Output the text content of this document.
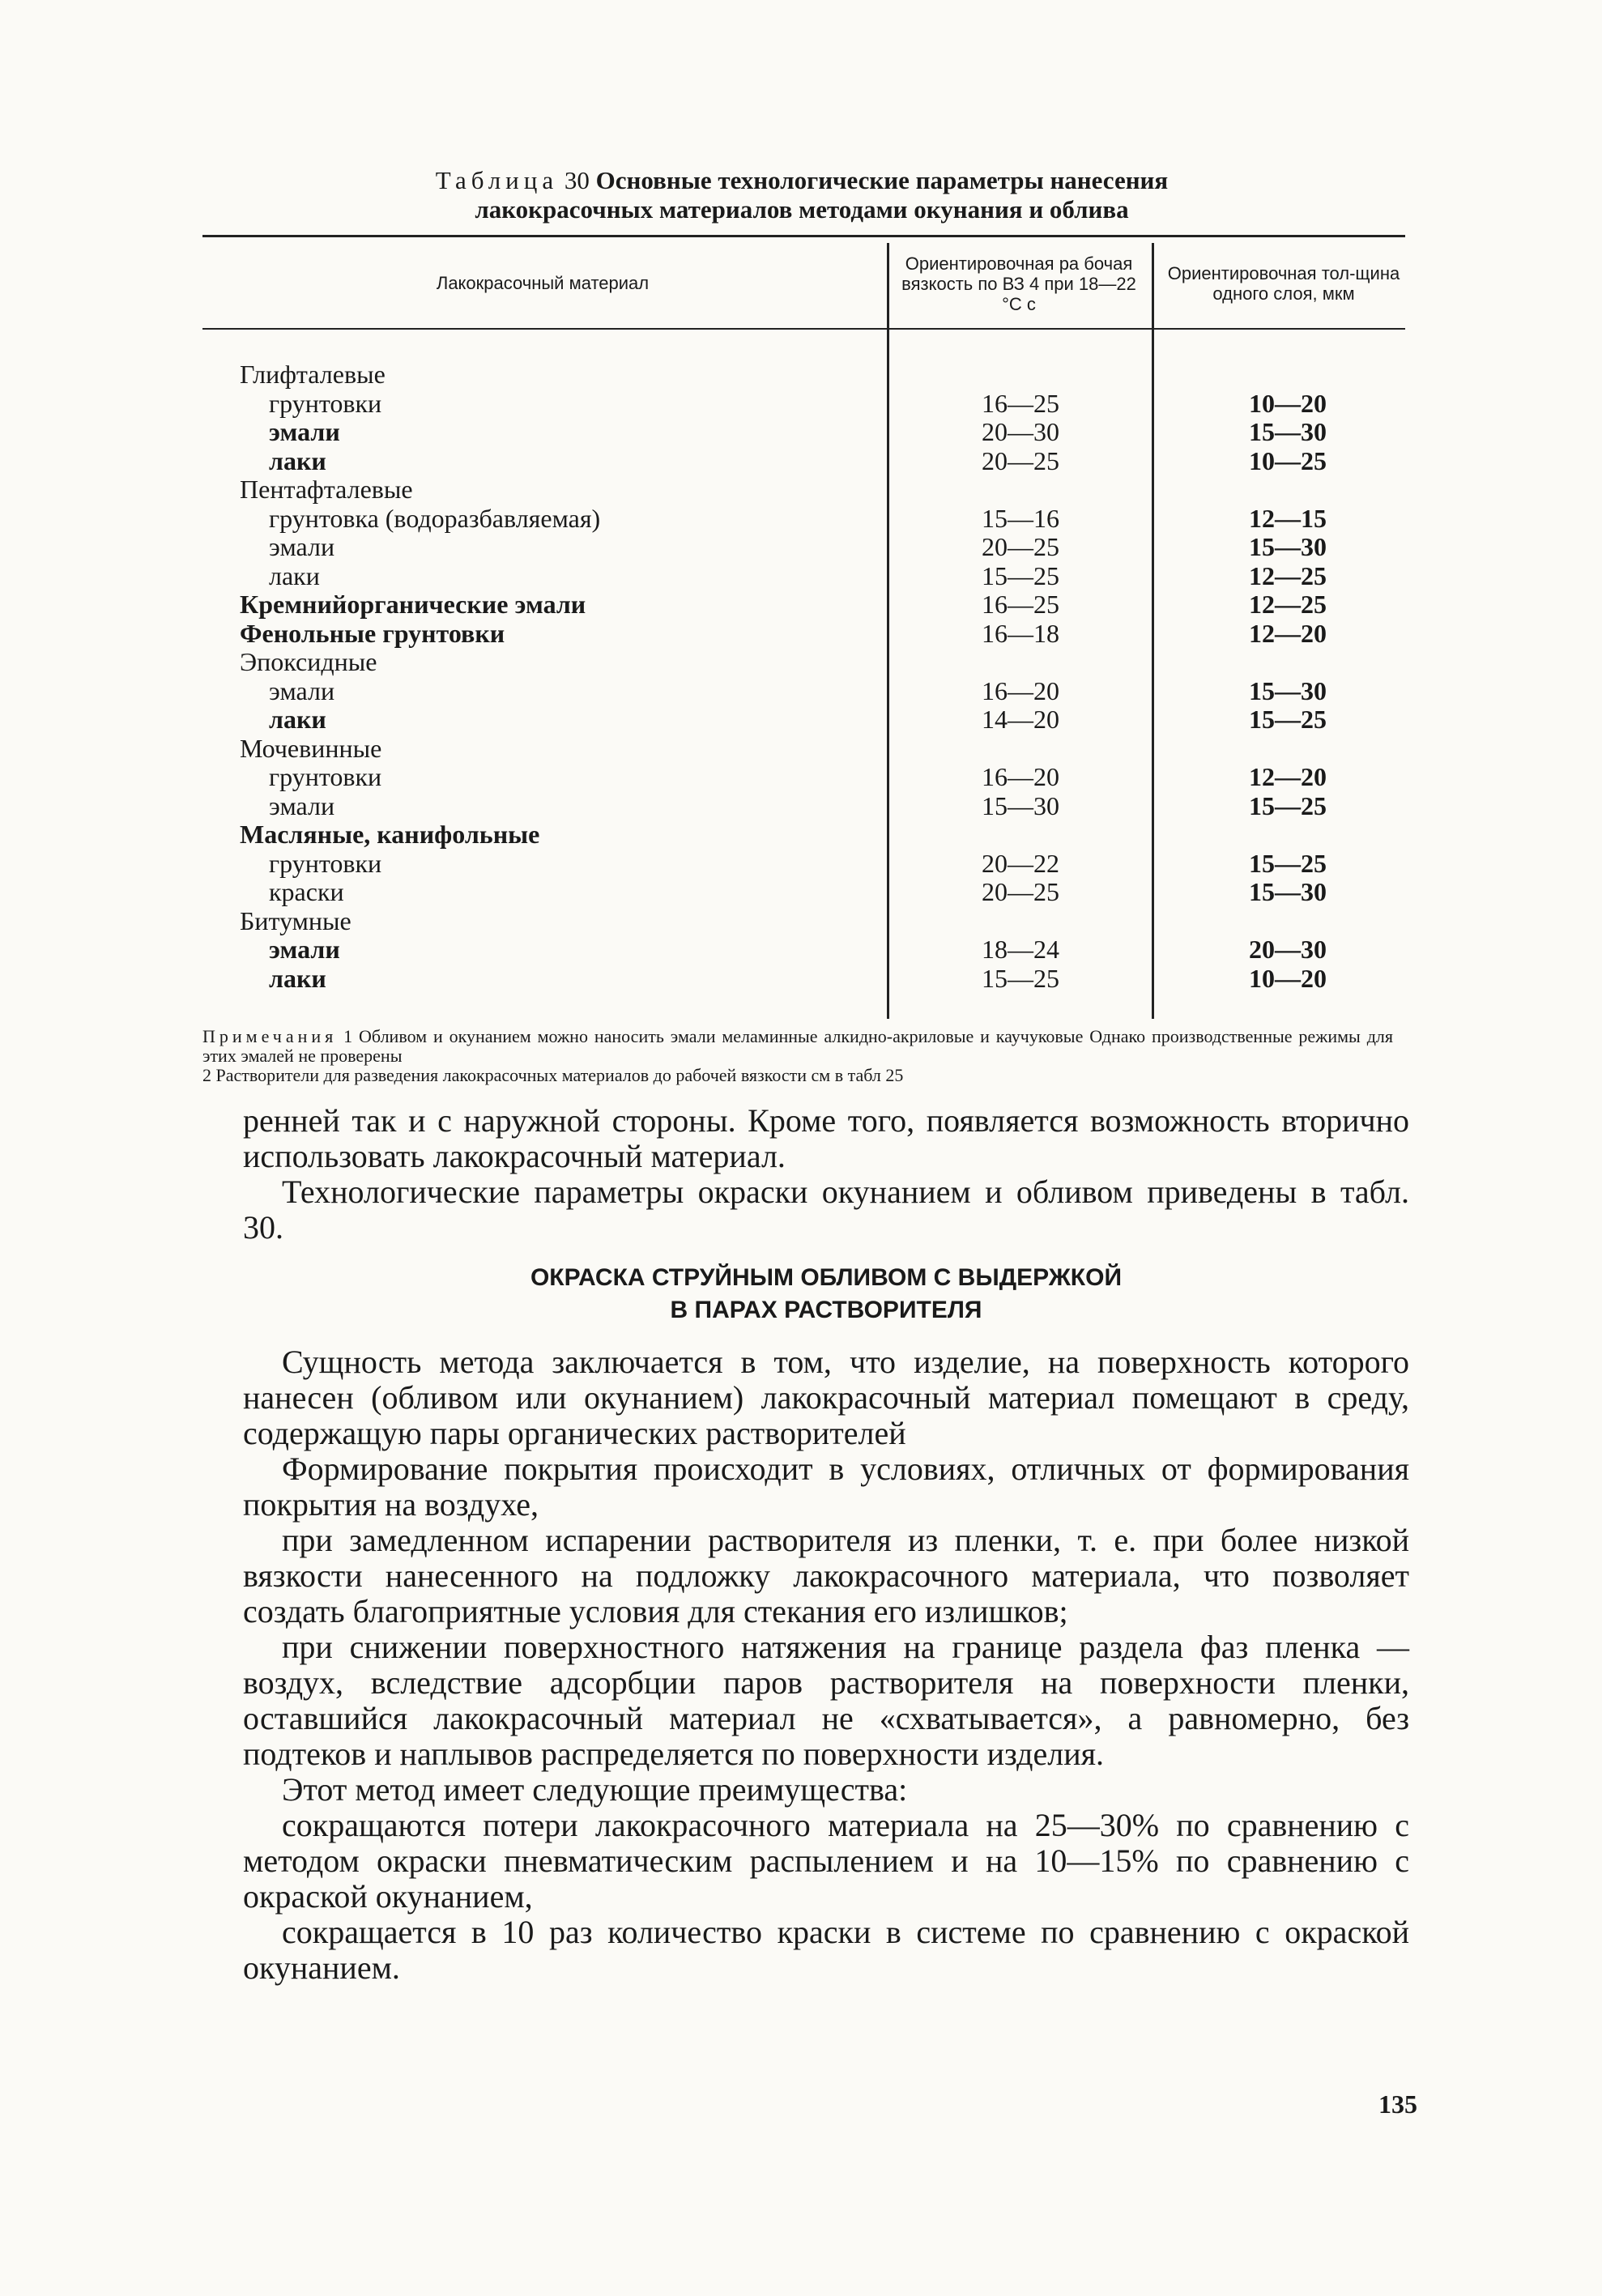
Таблица 30 Основные технологические параметры нанесения
лакокрасочных материалов методами окунания и облива
Лакокрасочный материал
Ориентировочная ра бочая вязкость по ВЗ 4 при 18—22 °С с
Ориентировочная тол-щина одного слоя, мкм
Глифталевые
грунтовки
эмали
лаки
Пентафталевые
грунтовка (водоразбавляемая)
эмали
лаки
Кремнийорганические эмали
Фенольные грунтовки
Эпоксидные
эмали
лаки
Мочевинные
грунтовки
эмали
Масляные, канифольные
грунтовки
краски
Битумные
эмали
лаки
16—25
20—30
20—25
15—16
20—25
15—25
16—25
16—18
16—20
14—20
16—20
15—30
20—22
20—25
18—24
15—25
10—20
15—30
10—25
12—15
15—30
12—25
12—25
12—20
15—30
15—25
12—20
15—25
15—25
15—30
20—30
10—20
Примечания 1 Обливом и окунанием можно наносить эмали меламинные алкидно-акриловые и каучуковые Однако производственные режимы для этих эмалей не проверены
2 Растворители для разведения лакокрасочных материалов до рабочей вязкости см в табл 25

ренней так и с наружной стороны. Кроме того, появляется возможность вторично использовать лакокрасочный материал.

Технологические параметры окраски окунанием и обливом приведены в табл. 30.

ОКРАСКА СТРУЙНЫМ ОБЛИВОМ С ВЫДЕРЖКОЙ
В ПАРАХ РАСТВОРИТЕЛЯ

Сущность метода заключается в том, что изделие, на поверхность которого нанесен (обливом или окунанием) лакокрасочный материал помещают в среду, содержащую пары органических растворителей

Формирование покрытия происходит в условиях, отличных от формирования покрытия на воздухе,

при замедленном испарении растворителя из пленки, т. е. при более низкой вязкости нанесенного на подложку лакокрасочного материала, что позволяет создать благоприятные условия для стекания его излишков;

при снижении поверхностного натяжения на границе раздела фаз пленка — воздух, вследствие адсорбции паров растворителя на поверхности пленки, оставшийся лакокрасочный материал не «схватывается», а равномерно, без подтеков и наплывов распределяется по поверхности изделия.

Этот метод имеет следующие преимущества:

сокращаются потери лакокрасочного материала на 25—30% по сравнению с методом окраски пневматическим распылением и на 10—15% по сравнению с окраской окунанием,

сокращается в 10 раз количество краски в системе по сравнению с окраской окунанием.

135
